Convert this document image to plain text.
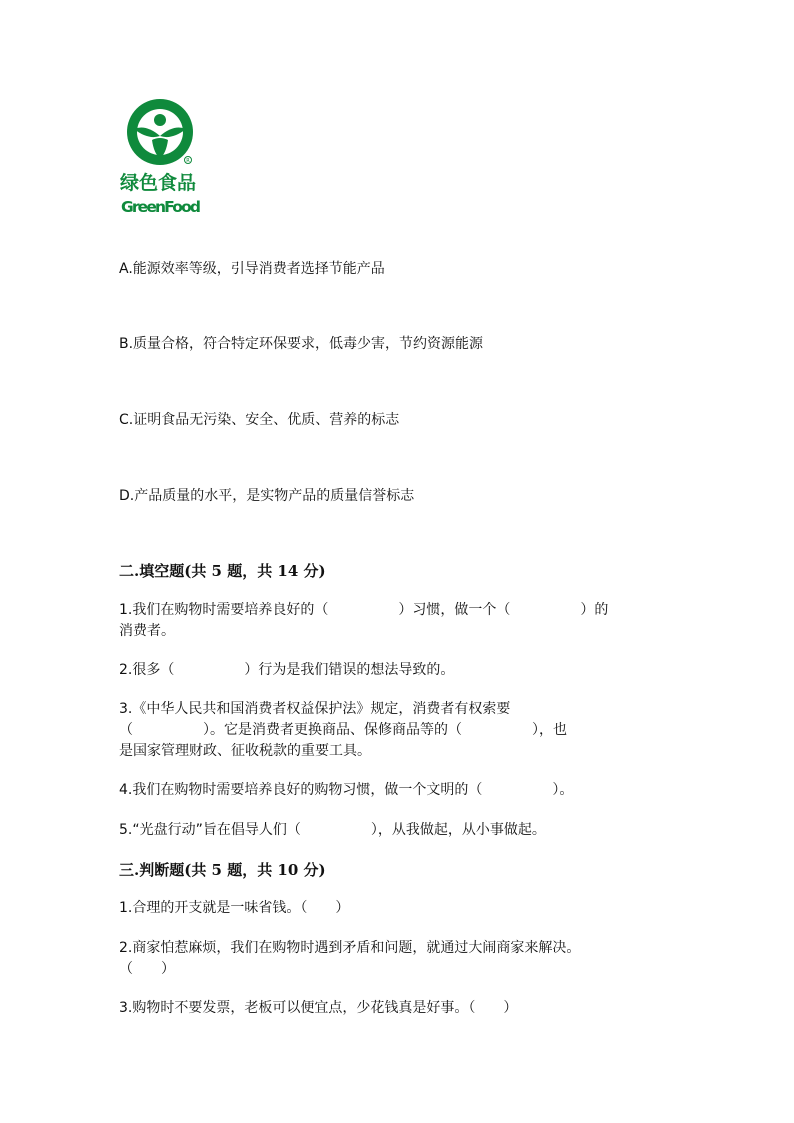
R
绿色食品
GreenFood
A.能源效率等级，引导消费者选择节能产品
B.质量合格，符合特定环保要求，低毒少害，节约资源能源
C.证明食品无污染、安全、优质、营养的标志
D.产品质量的水平，是实物产品的质量信誉标志
二.填空题(共 5 题，共 14 分)

1.我们在购物时需要培养良好的（　　　　　）习惯，做一个（　　　　　）的

消费者。

2.很多（　　　　　）行为是我们错误的想法导致的。

3.《中华人民共和国消费者权益保护法》规定，消费者有权索要

（　　　　　）。它是消费者更换商品、保修商品等的（　　　　　），也

是国家管理财政、征收税款的重要工具。

4.我们在购物时需要培养良好的购物习惯，做一个文明的（　　　　　）。

5.“光盘行动”旨在倡导人们（　　　　　），从我做起，从小事做起。

三.判断题(共 5 题，共 10 分)

1.合理的开支就是一味省钱。（　　）

2.商家怕惹麻烦，我们在购物时遇到矛盾和问题，就通过大闹商家来解决。

（　　）

3.购物时不要发票，老板可以便宜点，少花钱真是好事。（　　）
